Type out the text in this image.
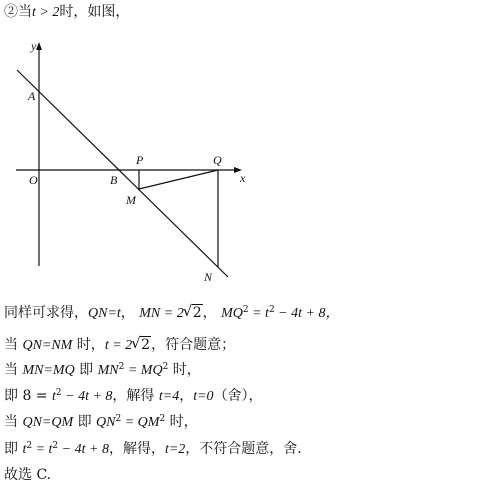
②当t > 2时，如图，
y
A
O	B
P	Q
x
M
N
同样可求得，QN=t， MN = 2 √ 2， $MQ^2 = t^2 - 4t + 8$，
当 QN=NM 时，t = 2 √ 2，符合题意；
当 MN=MQ 即 $MN^2 = MQ^2$ 时，
即 $8 = t^2 - 4t + 8$，解得 t=4，t=0（舍），
当 QN=QM 即 $QN^2 = QM^2$ 时，
即 $t^2 = t^2 - 4t + 8$，解得，t=2，不符合题意，舍.
故选 C.
